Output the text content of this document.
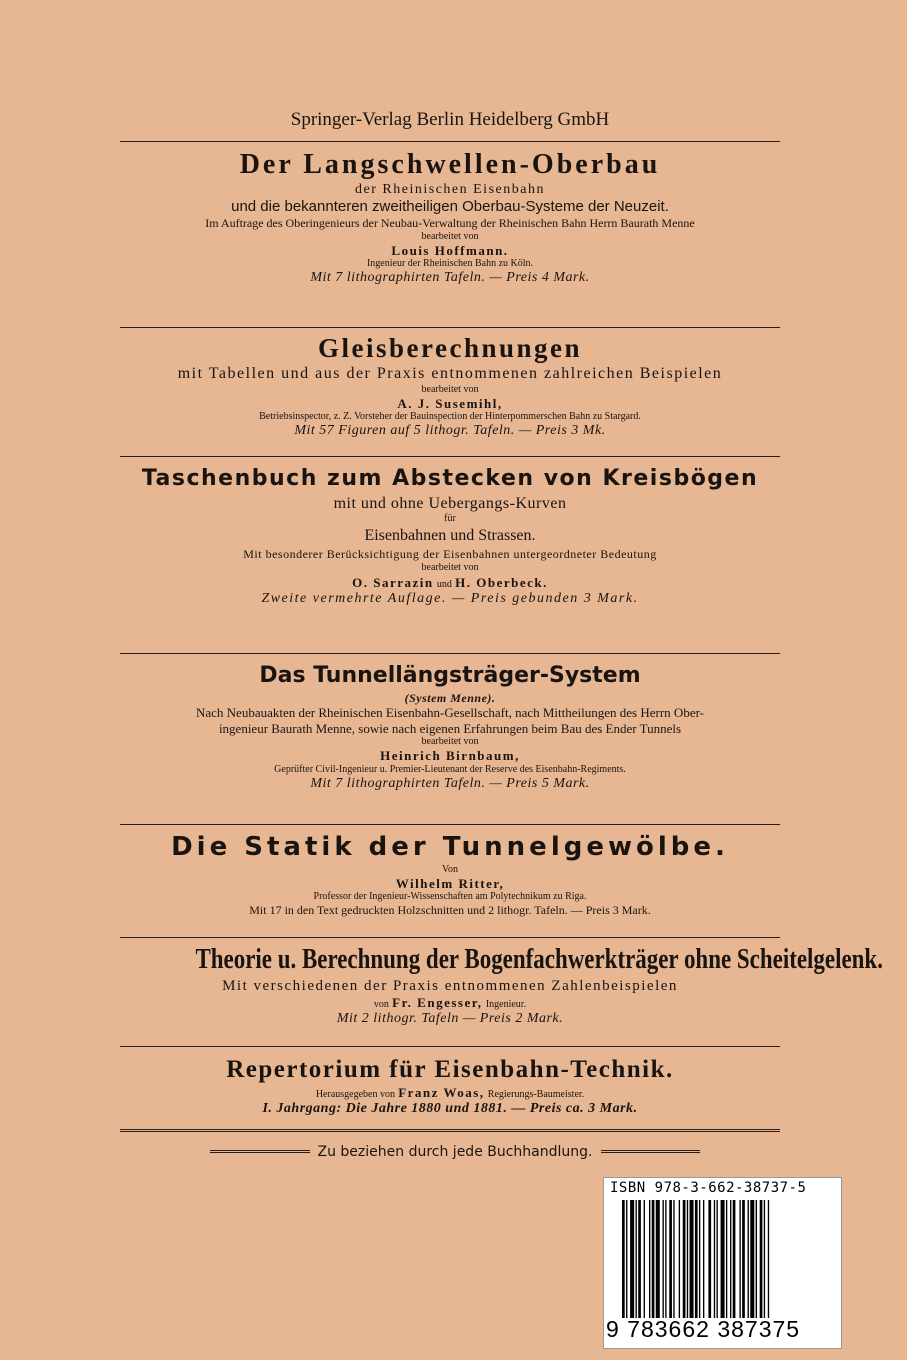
Springer-Verlag Berlin Heidelberg GmbH

Der Langschwellen-Oberbau

der Rheinischen Eisenbahn

und die bekannteren zweitheiligen Oberbau-Systeme der Neuzeit.

Im Auftrage des Oberingenieurs der Neubau-Verwaltung der Rheinischen Bahn Herrn Baurath Menne

bearbeitet von

Louis Hoffmann.

Ingenieur der Rheinischen Bahn zu Köln.

Mit 7 lithographirten Tafeln. — Preis 4 Mark.

Gleisberechnungen

mit Tabellen und aus der Praxis entnommenen zahlreichen Beispielen

bearbeitet von

A. J. Susemihl,

Betriebsinspector, z. Z. Vorsteher der Bauinspection der Hinterpommerschen Bahn zu Stargard.

Mit 57 Figuren auf 5 lithogr. Tafeln. — Preis 3 Mk.

Taschenbuch zum Abstecken von Kreisbögen

mit und ohne Uebergangs-Kurven

für

Eisenbahnen und Strassen.

Mit besonderer Berücksichtigung der Eisenbahnen untergeordneter Bedeutung

bearbeitet von

O. Sarrazin und H. Oberbeck.

Zweite vermehrte Auflage. — Preis gebunden 3 Mark.

Das Tunnellängsträger-System

(System Menne).

Nach Neubauakten der Rheinischen Eisenbahn-Gesellschaft, nach Mittheilungen des Herrn Ober-

ingenieur Baurath Menne, sowie nach eigenen Erfahrungen beim Bau des Ender Tunnels

bearbeitet von

Heinrich Birnbaum,

Geprüfter Civil-Ingenieur u. Premier-Lieutenant der Reserve des Eisenbahn-Regiments.

Mit 7 lithographirten Tafeln. — Preis 5 Mark.

Die Statik der Tunnelgewölbe.

Von

Wilhelm Ritter,

Professor der Ingenieur-Wissenschaften am Polytechnikum zu Riga.

Mit 17 in den Text gedruckten Holzschnitten und 2 lithogr. Tafeln. — Preis 3 Mark.

Theorie u. Berechnung der Bogenfachwerkträger ohne Scheitelgelenk.

Mit verschiedenen der Praxis entnommenen Zahlenbeispielen

von Fr. Engesser, Ingenieur.

Mit 2 lithogr. Tafeln — Preis 2 Mark.

Repertorium für Eisenbahn-Technik.

Herausgegeben von Franz Woas, Regierungs-Baumeister.

I. Jahrgang: Die Jahre 1880 und 1881. — Preis ca. 3 Mark.

Zu beziehen durch jede Buchhandlung.
ISBN 978-3-662-38737-5
9 783662 387375
